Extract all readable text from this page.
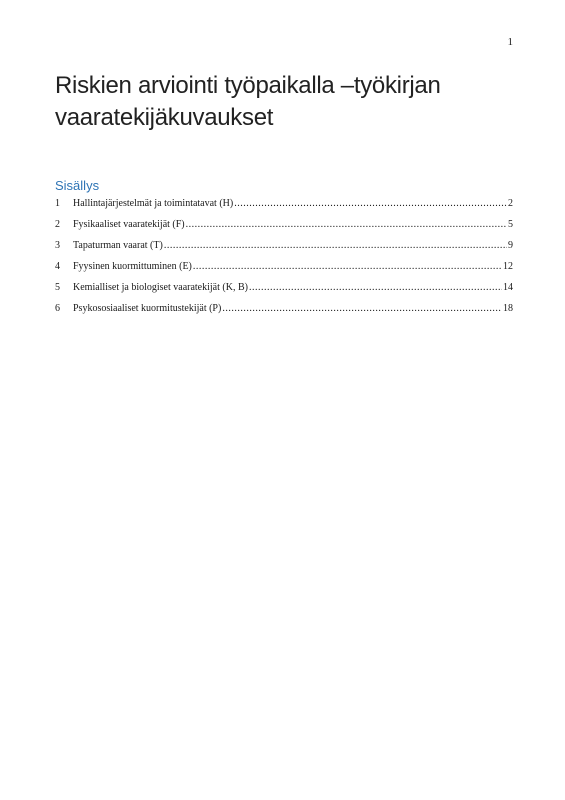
1
Riskien arviointi työpaikalla –työkirjan vaaratekijäkuvaukset
Sisällys
1	Hallintajärjestelmät ja toimintatavat (H) .....	2
2	Fysikaaliset vaaratekijät (F) .....	5
3	Tapaturman vaarat (T) .....	9
4	Fyysinen kuormittuminen (E) .....	12
5	Kemialliset ja biologiset vaaratekijät (K, B) .....	14
6	Psykososiaaliset kuormitustekijät (P) .....	18
